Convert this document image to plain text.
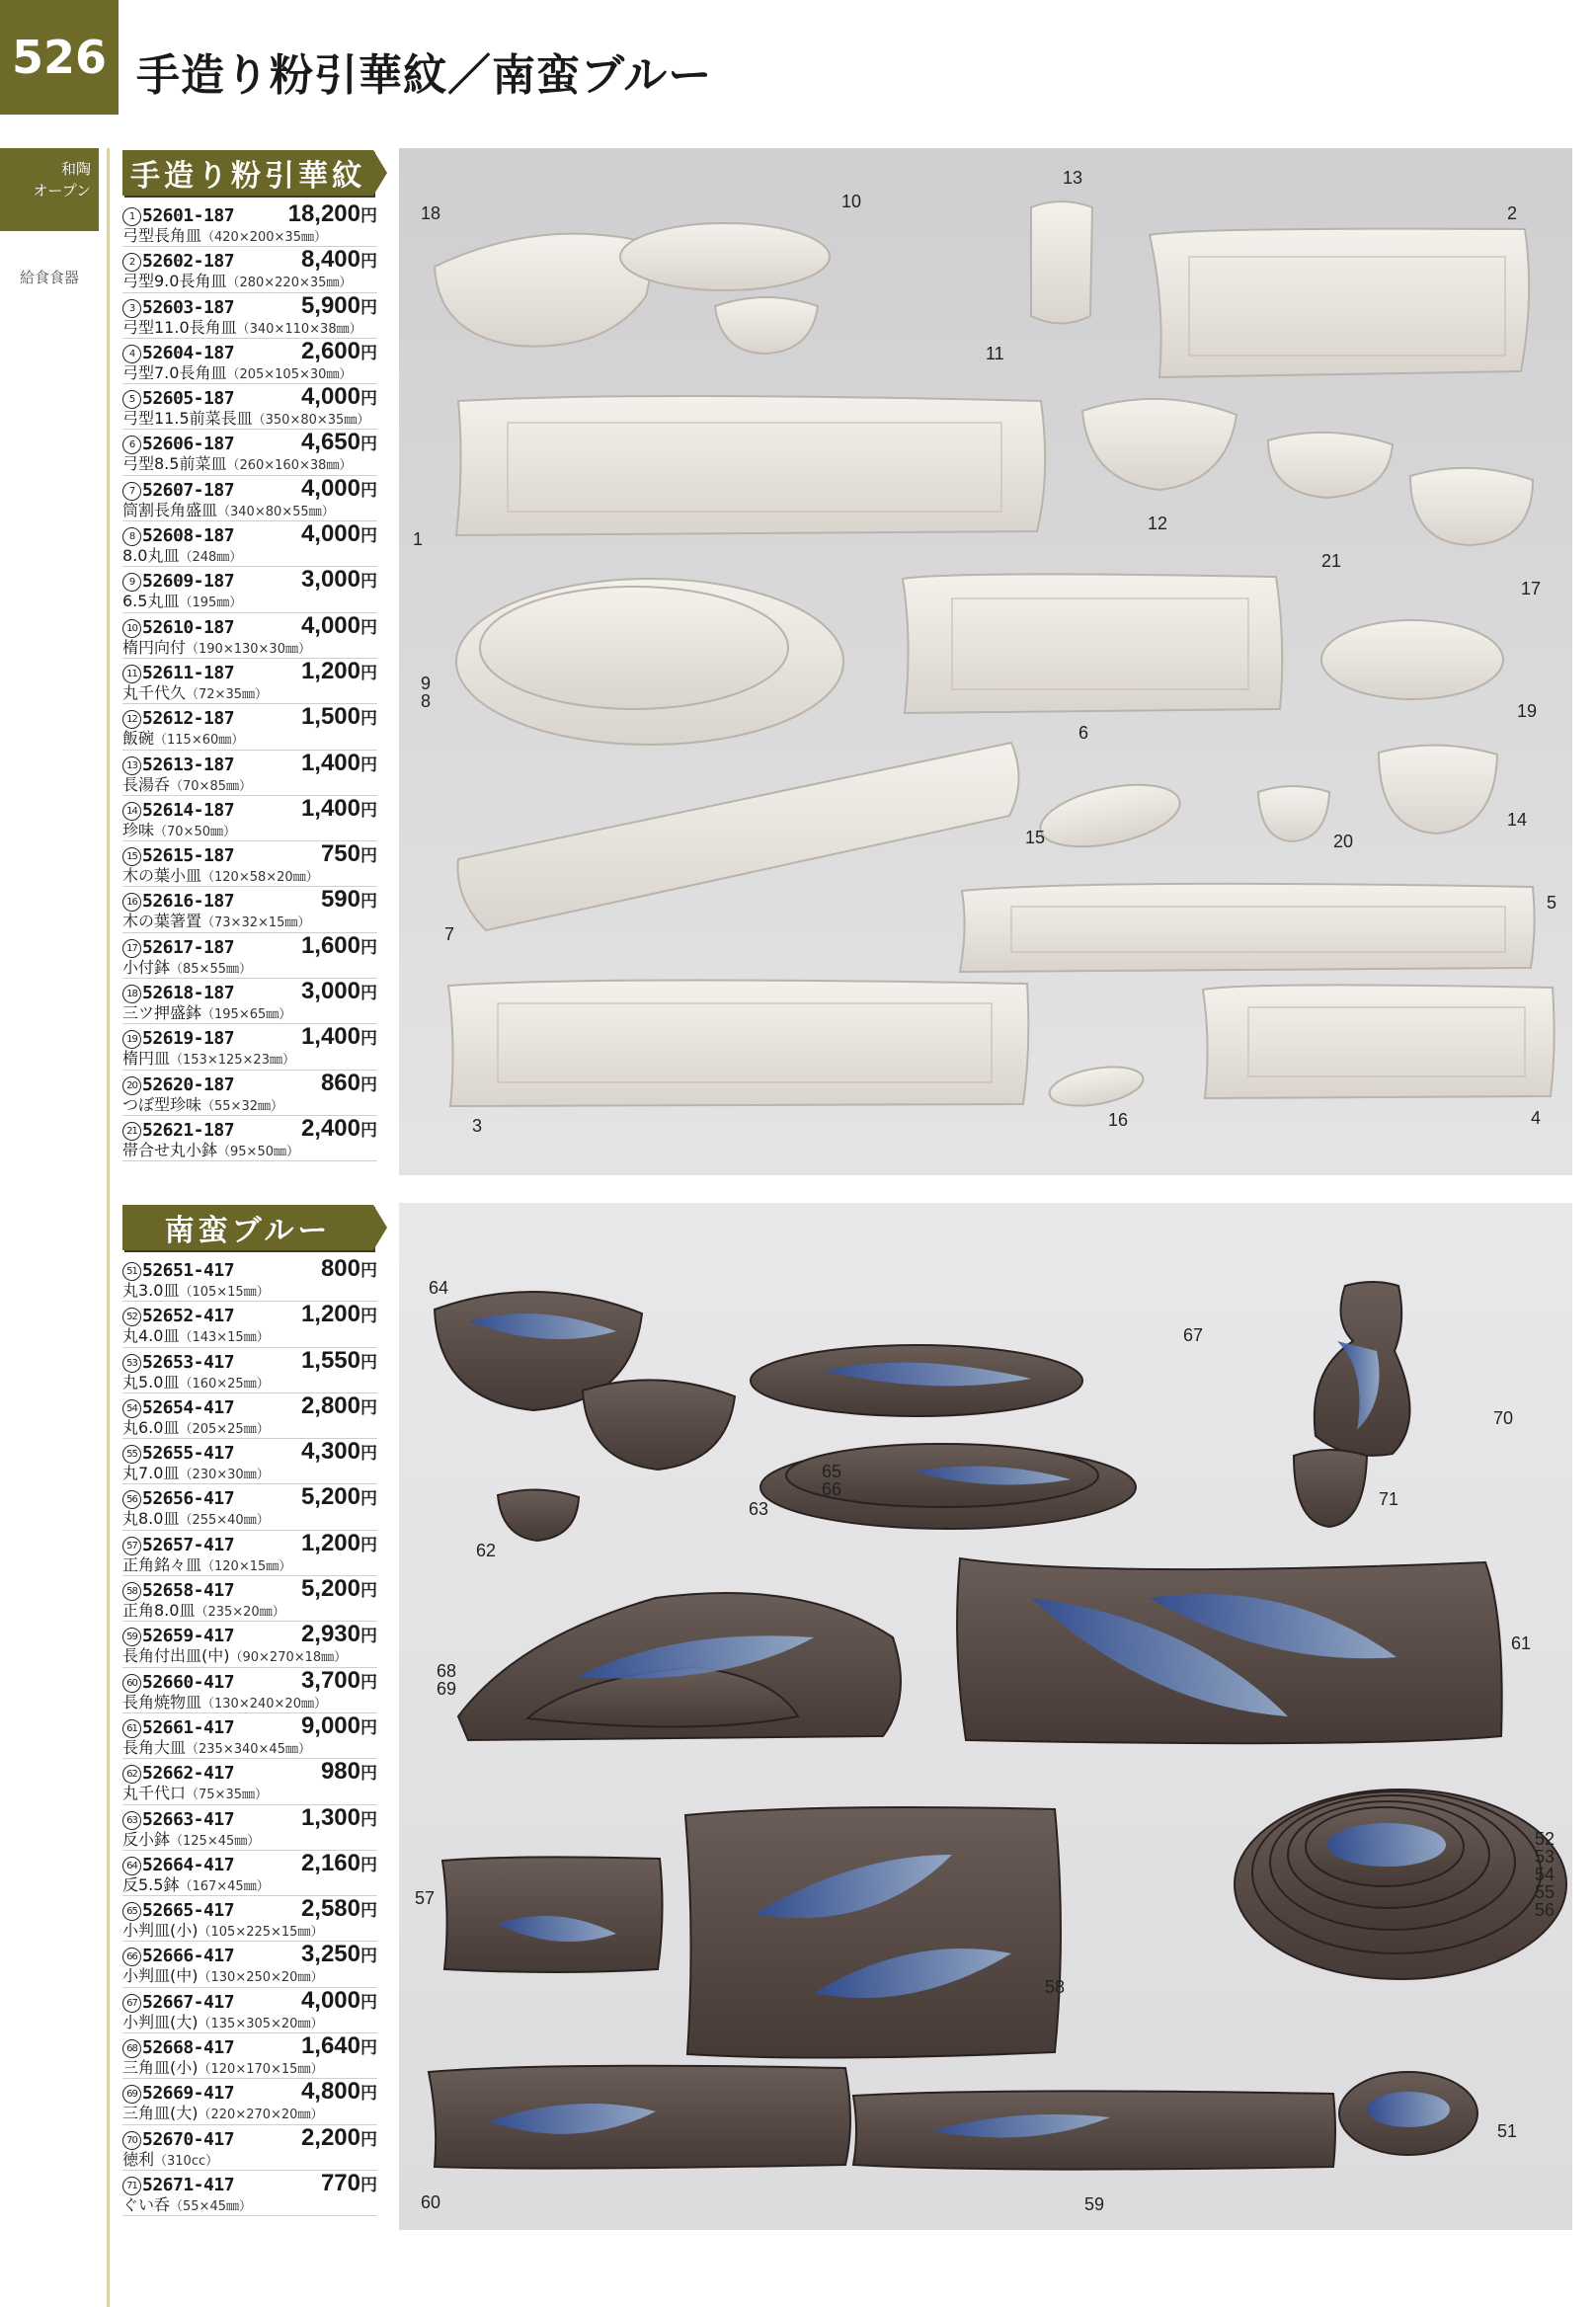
526 手造り粉引華紋／南蛮ブルー
和陶
オープン
給食食器
手造り粉引華紋
1 52601-187 18,200円
弓型長角皿（420×200×35㎜）
2 52602-187	8,400円
弓型9.0長角皿（280×220×35㎜）
3 52603-187	5,900円
弓型11.0長角皿（340×110×38㎜）
4 52604-187	2,600円
弓型7.0長角皿（205×105×30㎜）
5 52605-187	4,000円
弓型11.5前菜長皿（350×80×35㎜）
6 52606-187	4,650円
弓型8.5前菜皿（260×160×38㎜）
7 52607-187	4,000円
筒割長角盛皿（340×80×55㎜）
8 52608-187	4,000円
8.0丸皿（248㎜）
9 52609-187	3,000円
6.5丸皿（195㎜）
10 52610-187	4,000円
楕円向付（190×130×30㎜）
11 52611-187	1,200円
丸千代久（72×35㎜）
12 52612-187	1,500円
飯碗（115×60㎜）
13 52613-187	1,400円
長湯呑（70×85㎜）
14 52614-187	1,400円
珍味（70×50㎜）
15 52615-187	750円
木の葉小皿（120×58×20㎜）
16 52616-187	590円
木の葉箸置（73×32×15㎜）
17 52617-187	1,600円
小付鉢（85×55㎜）
18 52618-187	3,000円
三ツ押盛鉢（195×65㎜）
19 52619-187	1,400円
楕円皿（153×125×23㎜）
20 52620-187	860円
つぼ型珍味（55×32㎜）
21 52621-187	2,400円
帯合せ丸小鉢（95×50㎜）
南蛮ブルー
51 52651-417	800円
丸3.0皿（105×15㎜）
52 52652-417	1,200円
丸4.0皿（143×15㎜）
53 52653-417	1,550円
丸5.0皿（160×25㎜）
54 52654-417	2,800円
丸6.0皿（205×25㎜）
55 52655-417	4,300円
丸7.0皿（230×30㎜）
56 52656-417	5,200円
丸8.0皿（255×40㎜）
57 52657-417	1,200円
正角銘々皿（120×15㎜）
58 52658-417	5,200円
正角8.0皿（235×20㎜）
59 52659-417	2,930円
長角付出皿(中)（90×270×18㎜）
60 52660-417	3,700円
長角焼物皿（130×240×20㎜）
61 52661-417	9,000円
長角大皿（235×340×45㎜）
62 52662-417	980円
丸千代口（75×35㎜）
63 52663-417	1,300円
反小鉢（125×45㎜）
64 52664-417	2,160円
反5.5鉢（167×45㎜）
65 52665-417	2,580円
小判皿(小)（105×225×15㎜）
66 52666-417	3,250円
小判皿(中)（130×250×20㎜）
67 52667-417	4,000円
小判皿(大)（135×305×20㎜）
68 52668-417	1,640円
三角皿(小)（120×170×15㎜）
69 52669-417	4,800円
三角皿(大)（220×270×20㎜）
70 52670-417	2,200円
徳利（310cc）
71 52671-417	770円
ぐい呑（55×45㎜）
18
10
13
2
11
1
12
21
17
9
8
6
19
15	20
14
7
5
3	16	4
64
67
70
71
65
66
63
62
61
68
69
52
53
54
55
56
57
58
60	59
51
